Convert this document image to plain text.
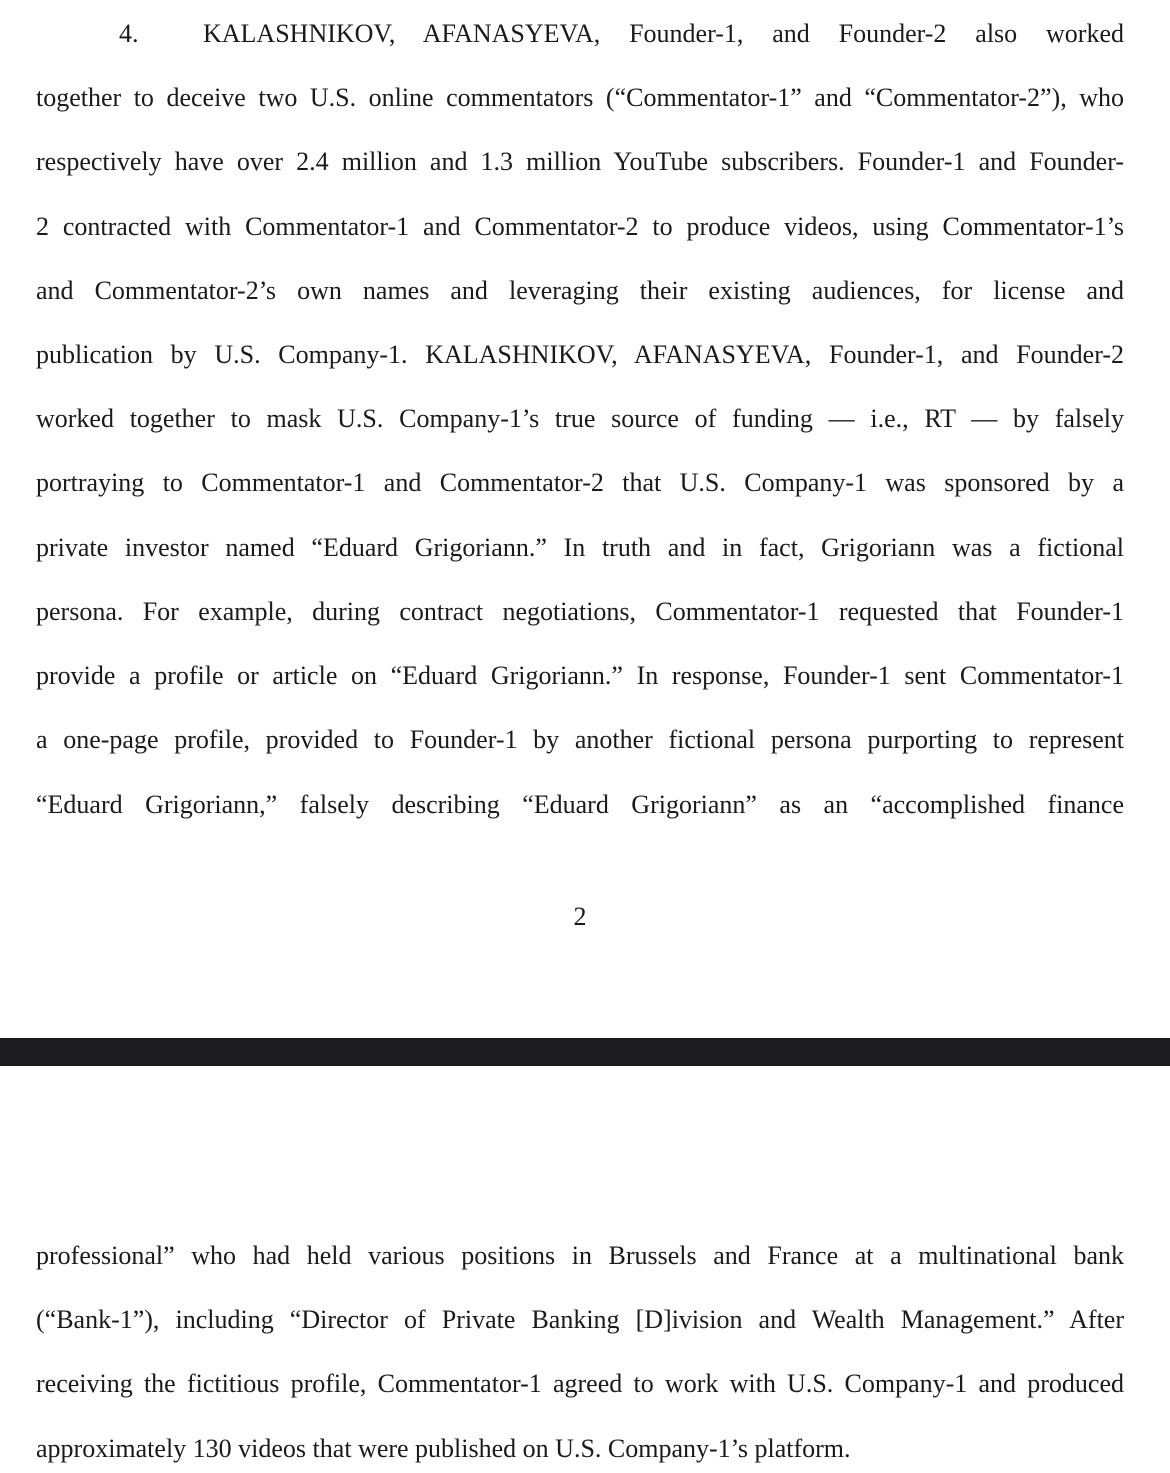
4. KALASHNIKOV, AFANASYEVA, Founder-1, and Founder-2 also worked
together to deceive two U.S. online commentators (“Commentator-1” and “Commentator-2”), who
respectively have over 2.4 million and 1.3 million YouTube subscribers. Founder-1 and Founder-
2 contracted with Commentator-1 and Commentator-2 to produce videos, using Commentator-1’s
and Commentator-2’s own names and leveraging their existing audiences, for license and
publication by U.S. Company-1. KALASHNIKOV, AFANASYEVA, Founder-1, and Founder-2
worked together to mask U.S. Company-1’s true source of funding — i.e., RT — by falsely
portraying to Commentator-1 and Commentator-2 that U.S. Company-1 was sponsored by a
private investor named “Eduard Grigoriann.” In truth and in fact, Grigoriann was a fictional
persona. For example, during contract negotiations, Commentator-1 requested that Founder-1
provide a profile or article on “Eduard Grigoriann.” In response, Founder-1 sent Commentator-1
a one-page profile, provided to Founder-1 by another fictional persona purporting to represent
“Eduard Grigoriann,” falsely describing “Eduard Grigoriann” as an “accomplished finance
2
professional” who had held various positions in Brussels and France at a multinational bank
(“Bank-1”), including “Director of Private Banking [D]ivision and Wealth Management.” After
receiving the fictitious profile, Commentator-1 agreed to work with U.S. Company-1 and produced
approximately 130 videos that were published on U.S. Company-1’s platform.
